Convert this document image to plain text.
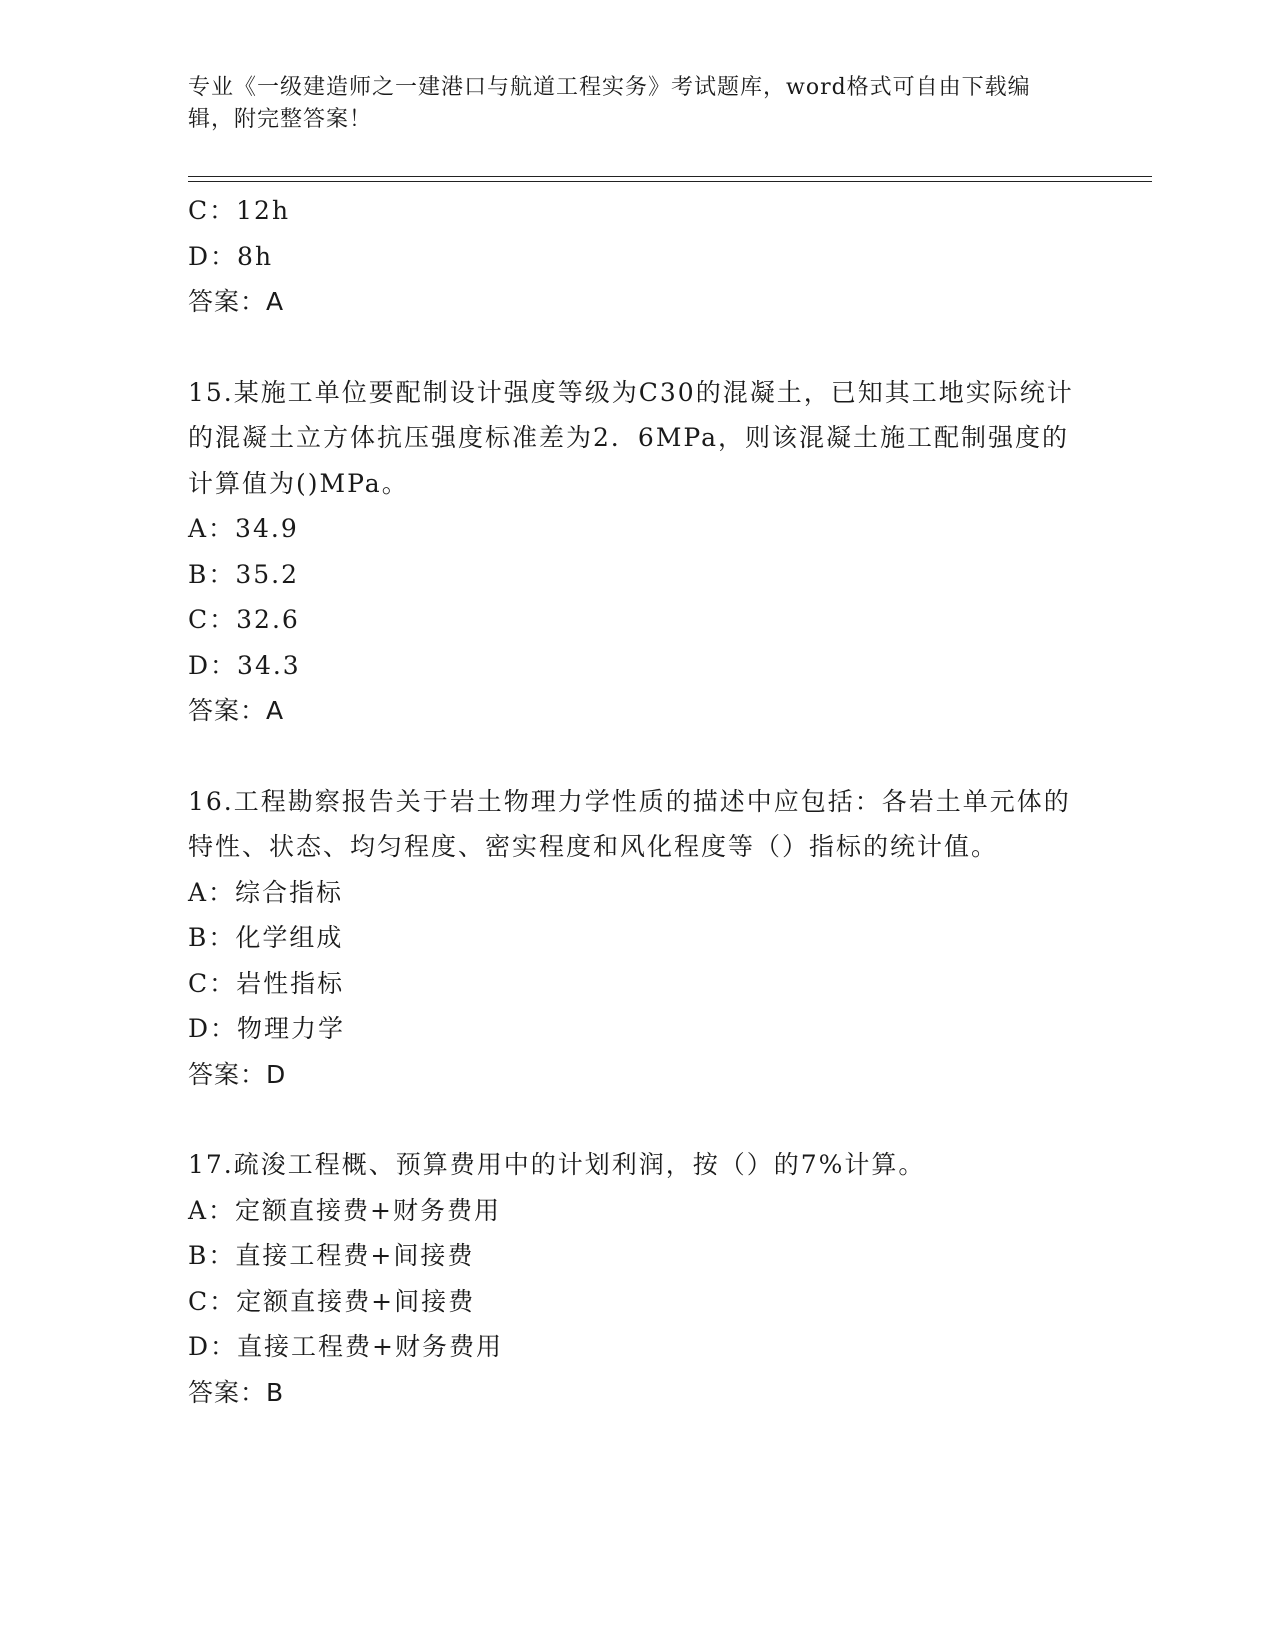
专业《一级建造师之一建港口与航道工程实务》考试题库，word格式可自由下载编辑，附完整答案！
C：12h
D：8h
答案：A
15.某施工单位要配制设计强度等级为C30的混凝土，已知其工地实际统计的混凝土立方体抗压强度标准差为2．6MPa，则该混凝土施工配制强度的计算值为()MPa。
A：34.9
B：35.2
C：32.6
D：34.3
答案：A
16.工程勘察报告关于岩土物理力学性质的描述中应包括：各岩土单元体的特性、状态、均匀程度、密实程度和风化程度等（）指标的统计值。
A：综合指标
B：化学组成
C：岩性指标
D：物理力学
答案：D
17.疏浚工程概、预算费用中的计划利润，按（）的7%计算。
A：定额直接费+财务费用
B：直接工程费+间接费
C：定额直接费+间接费
D：直接工程费+财务费用
答案：B
